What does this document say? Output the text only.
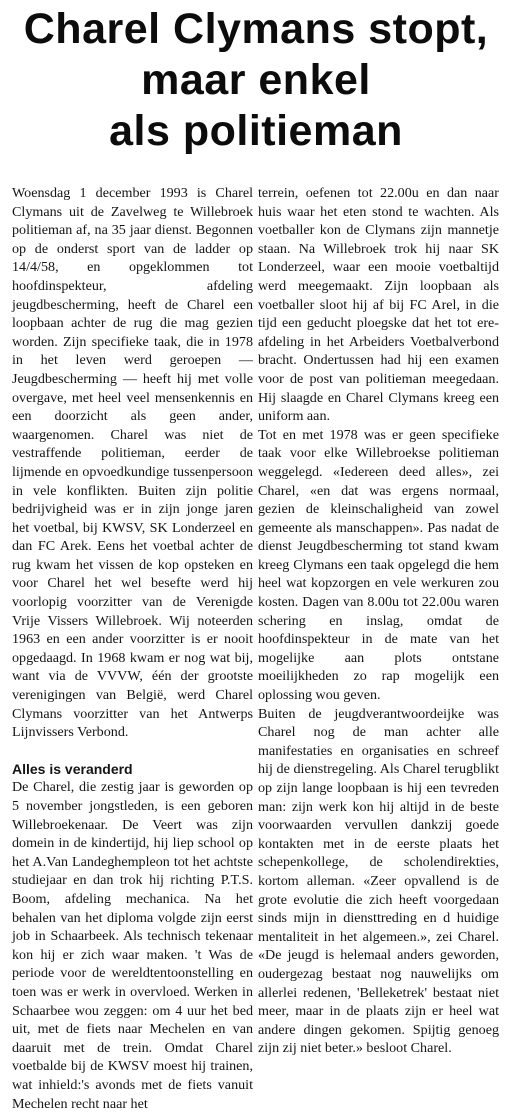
Charel Clymans stopt,
maar enkel
als politieman

Woensdag 1 december 1993 is Charel Clymans uit de Zavelweg te Willebroek politieman af, na 35 jaar dienst. Begonnen op de onderst sport van de ladder op 14/4/58, en opgeklommen tot hoofdinspekteur, afdeling jeugdbescherming, heeft de Charel een loopbaan achter de rug die mag gezien worden. Zijn specifieke taak, die in 1978 in het leven werd geroepen — Jeugdbescherming — heeft hij met volle overgave, met heel veel mensenkennis en een doorzicht als geen ander, waargenomen. Charel was niet de vestraffende politieman, eerder de lijmende en opvoedkundige tussenpersoon in vele konflikten. Buiten zijn politie bedrijvigheid was er in zijn jonge jaren het voetbal, bij KWSV, SK Londerzeel en dan FC Arek. Eens het voetbal achter de rug kwam het vissen de kop opsteken en voor Charel het wel besefte werd hij voorlopig voorzitter van de Verenigde Vrije Vissers Willebroek. Wij noteerden 1963 en een ander voorzitter is er nooit opgedaagd. In 1968 kwam er nog wat bij, want via de VVVW, één der grootste verenigingen van België, werd Charel Clymans voorzitter van het Antwerps Lijnvissers Verbond.

Alles is veranderd

De Charel, die zestig jaar is geworden op 5 november jongstleden, is een geboren Willebroekenaar. De Veert was zijn domein in de kindertijd, hij liep school op het A.Van Landeghempleon tot het achtste studiejaar en dan trok hij richting P.T.S. Boom, afdeling mechanica. Na het behalen van het diploma volgde zijn eerst job in Schaarbeek. Als technisch tekenaar kon hij er zich waar maken. 't Was de periode voor de wereldtentoonstelling en toen was er werk in overvloed. Werken in Schaarbee wou zeggen: om 4 uur het bed uit, met de fiets naar Mechelen en van daaruit met de trein. Omdat Charel voetbalde bij de KWSV moest hij trainen, wat inhield:'s avonds met de fiets vanuit Mechelen recht naar het

terrein, oefenen tot 22.00u en dan naar huis waar het eten stond te wachten. Als voetballer kon de Clymans zijn mannetje staan. Na Willebroek trok hij naar SK Londerzeel, waar een mooie voetbaltijd werd meegemaakt. Zijn loopbaan als voetballer sloot hij af bij FC Arel, in die tijd een geducht ploegske dat het tot ere-afdeling in het Arbeiders Voetbalverbond bracht. Ondertussen had hij een examen voor de post van politieman meegedaan. Hij slaagde en Charel Clymans kreeg een uniform aan.

Tot en met 1978 was er geen specifieke taak voor elke Willebroekse politieman weggelegd. «Iedereen deed alles», zei Charel, «en dat was ergens normaal, gezien de kleinschaligheid van zowel gemeente als manschappen». Pas nadat de dienst Jeugdbescherming tot stand kwam kreeg Clymans een taak opgelegd die hem heel wat kopzorgen en vele werkuren zou kosten. Dagen van 8.00u tot 22.00u waren schering en inslag, omdat de hoofdinspekteur in de mate van het mogelijke aan plots ontstane moeilijkheden zo rap mogelijk een oplossing wou geven.

Buiten de jeugdverantwoordeijke was Charel nog de man achter alle manifestaties en organisaties en schreef hij de dienstregeling. Als Charel terugblikt op zijn lange loopbaan is hij een tevreden man: zijn werk kon hij altijd in de beste voorwaarden vervullen dankzij goede kontakten met in de eerste plaats het schepenkollege, de scholendirekties, kortom alleman. «Zeer opvallend is de grote evolutie die zich heeft voorgedaan sinds mijn in diensttreding en d huidige mentaliteit in het algemeen.», zei Charel. «De jeugd is helemaal anders geworden, oudergezag bestaat nog nauwelijks om allerlei redenen, 'Belleketrek' bestaat niet meer, maar in de plaats zijn er heel wat andere dingen gekomen. Spijtig genoeg zijn zij niet beter.» besloot Charel.
